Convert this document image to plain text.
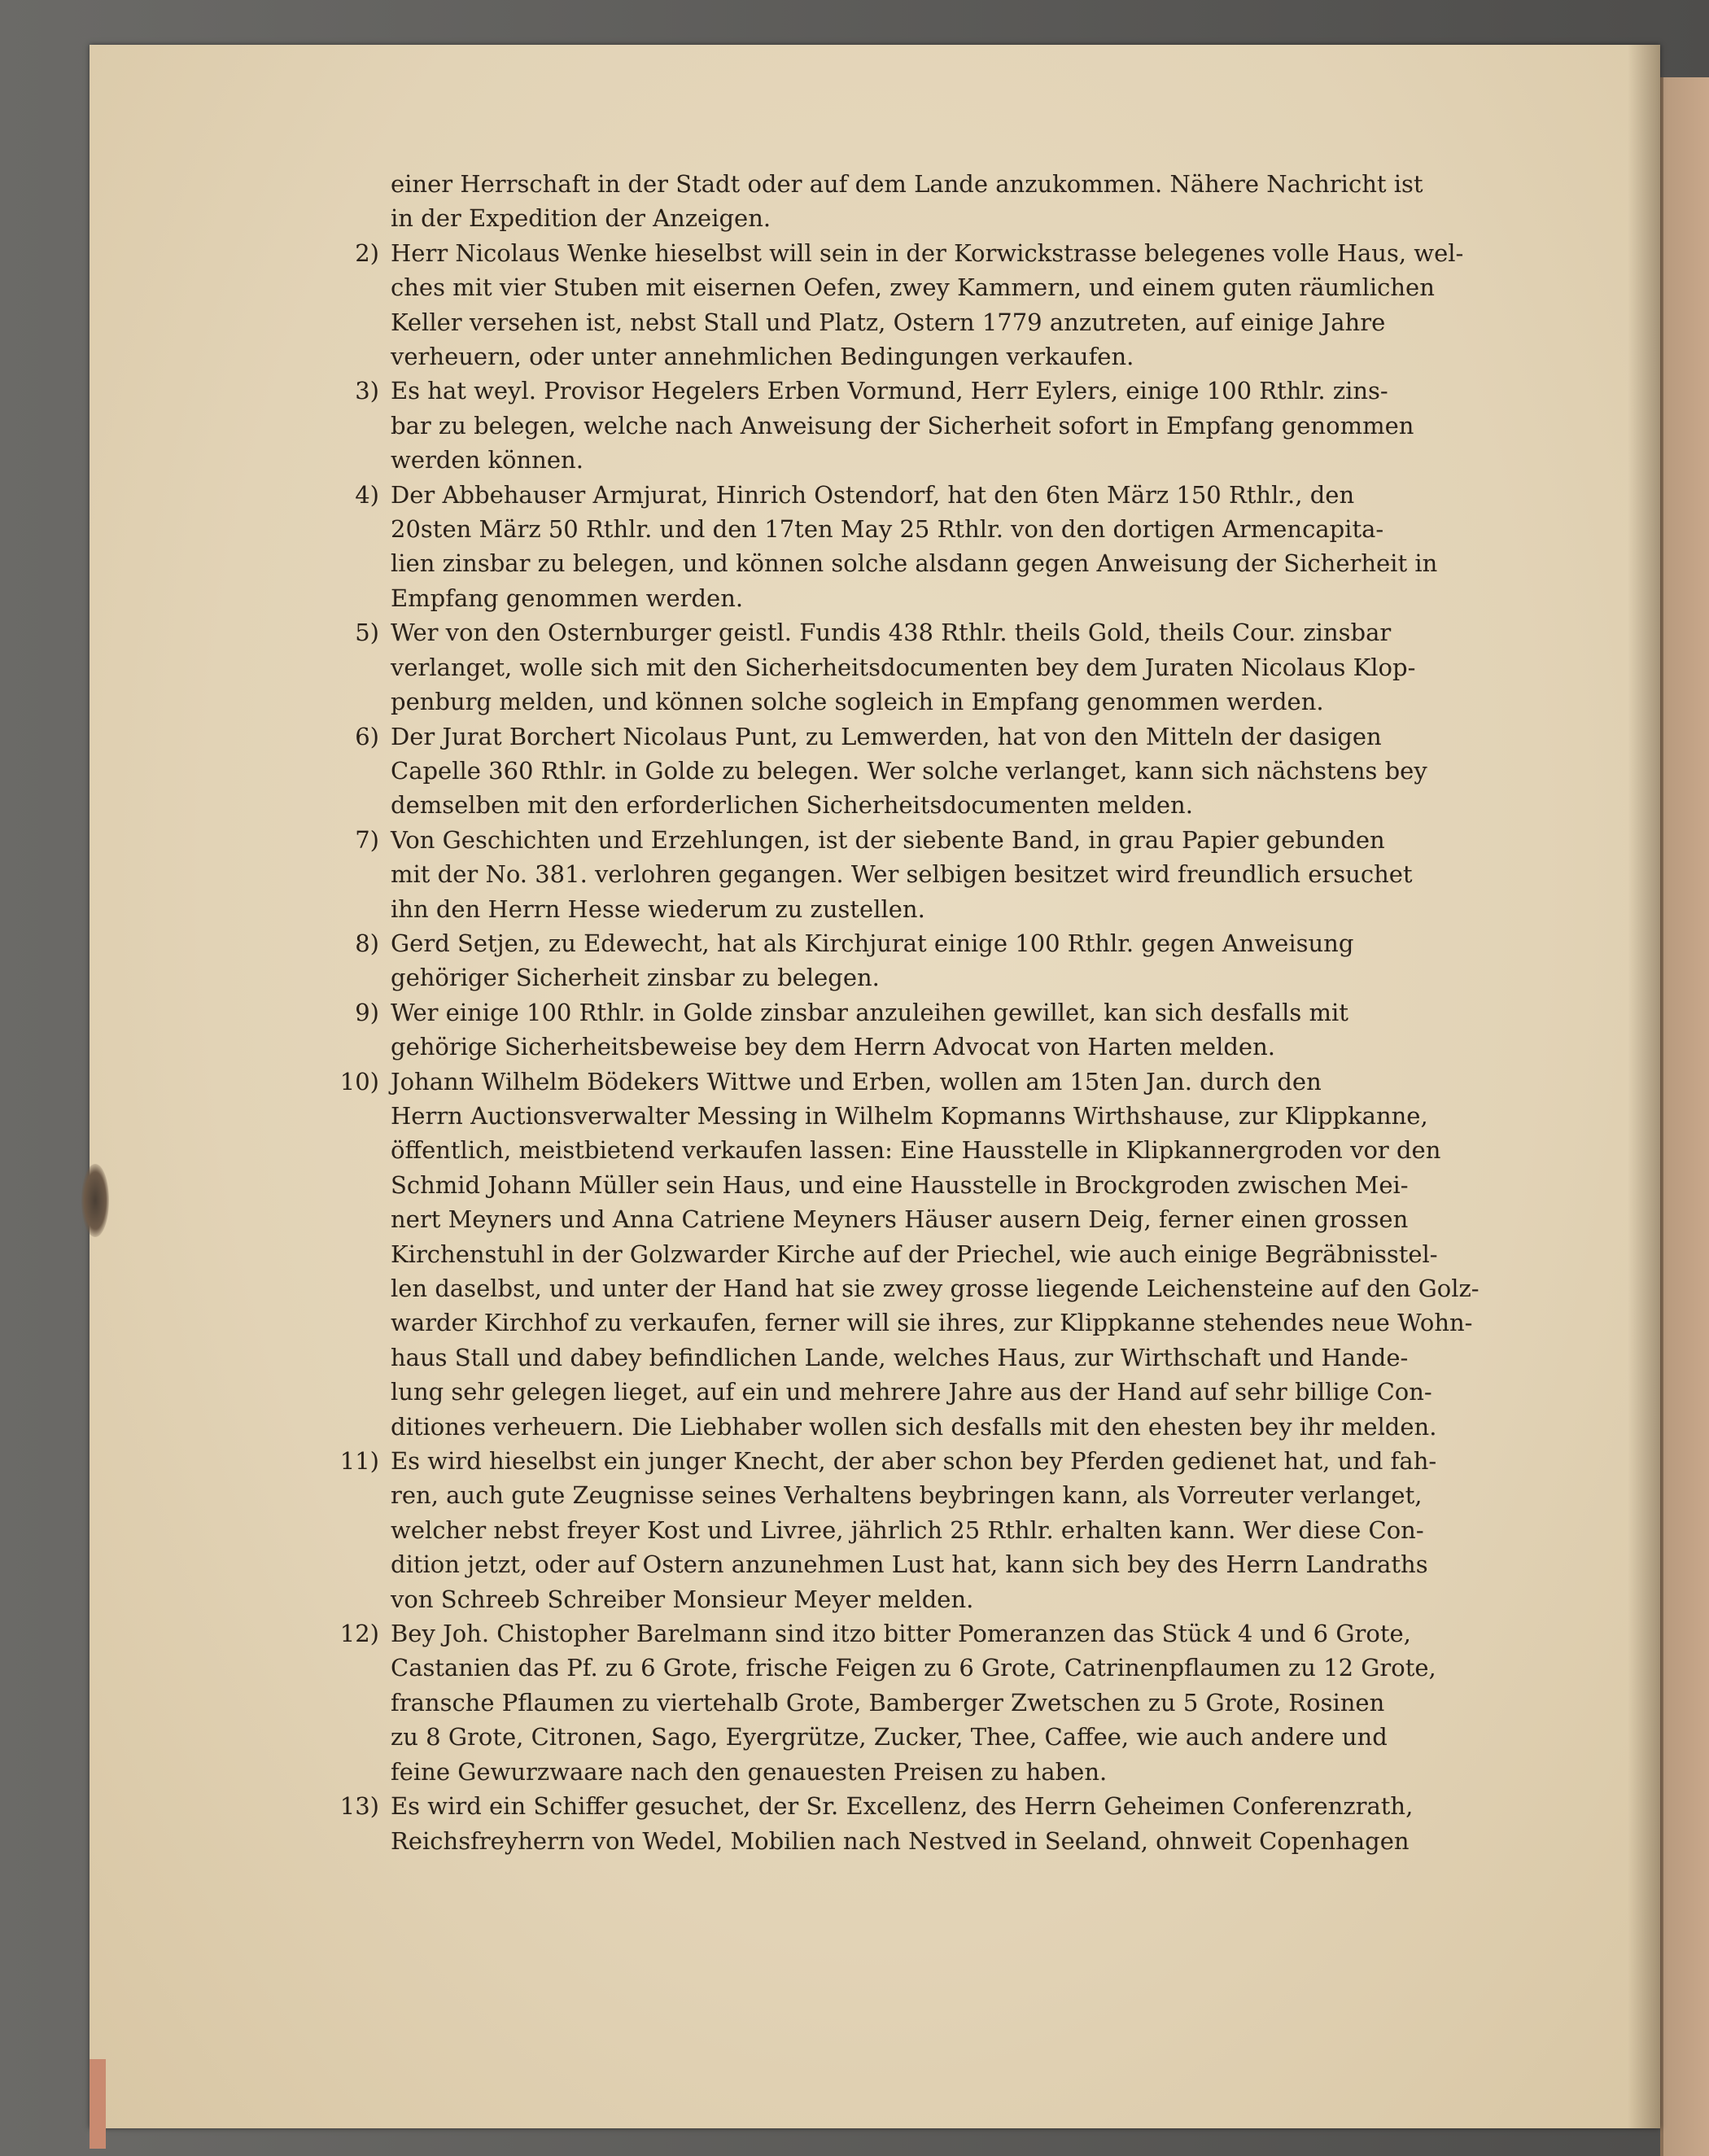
einer Herrschaft in der Stadt oder auf dem Lande anzukommen. Nähere Nachricht ist
in der Expedition der Anzeigen.
2) Herr Nicolaus Wenke hieselbst will sein in der Korwickstrasse belegenes volle Haus, wel-
ches mit vier Stuben mit eisernen Oefen, zwey Kammern, und einem guten räumlichen
Keller versehen ist, nebst Stall und Platz, Ostern 1779 anzutreten, auf einige Jahre
verheuern, oder unter annehmlichen Bedingungen verkaufen.
3) Es hat weyl. Provisor Hegelers Erben Vormund, Herr Eylers, einige 100 Rthlr. zins-
bar zu belegen, welche nach Anweisung der Sicherheit sofort in Empfang genommen
werden können.
4) Der Abbehauser Armjurat, Hinrich Ostendorf, hat den 6ten März 150 Rthlr., den
20sten März 50 Rthlr. und den 17ten May 25 Rthlr. von den dortigen Armencapita-
lien zinsbar zu belegen, und können solche alsdann gegen Anweisung der Sicherheit in
Empfang genommen werden.
5) Wer von den Osternburger geistl. Fundis 438 Rthlr. theils Gold, theils Cour. zinsbar
verlanget, wolle sich mit den Sicherheitsdocumenten bey dem Juraten Nicolaus Klop-
penburg melden, und können solche sogleich in Empfang genommen werden.
6) Der Jurat Borchert Nicolaus Punt, zu Lemwerden, hat von den Mitteln der dasigen
Capelle 360 Rthlr. in Golde zu belegen. Wer solche verlanget, kann sich nächstens bey
demselben mit den erforderlichen Sicherheitsdocumenten melden.
7) Von Geschichten und Erzehlungen, ist der siebente Band, in grau Papier gebunden
mit der No. 381. verlohren gegangen. Wer selbigen besitzet wird freundlich ersuchet
ihn den Herrn Hesse wiederum zu zustellen.
8) Gerd Setjen, zu Edewecht, hat als Kirchjurat einige 100 Rthlr. gegen Anweisung
gehöriger Sicherheit zinsbar zu belegen.
9) Wer einige 100 Rthlr. in Golde zinsbar anzuleihen gewillet, kan sich desfalls mit
gehörige Sicherheitsbeweise bey dem Herrn Advocat von Harten melden.
10) Johann Wilhelm Bödekers Wittwe und Erben, wollen am 15ten Jan. durch den
Herrn Auctionsverwalter Messing in Wilhelm Kopmanns Wirthshause, zur Klippkanne,
öffentlich, meistbietend verkaufen lassen: Eine Hausstelle in Klipkannergroden vor den
Schmid Johann Müller sein Haus, und eine Hausstelle in Brockgroden zwischen Mei-
nert Meyners und Anna Catriene Meyners Häuser ausern Deig, ferner einen grossen
Kirchenstuhl in der Golzwarder Kirche auf der Priechel, wie auch einige Begräbnisstel-
len daselbst, und unter der Hand hat sie zwey grosse liegende Leichensteine auf den Golz-
warder Kirchhof zu verkaufen, ferner will sie ihres, zur Klippkanne stehendes neue Wohn-
haus Stall und dabey befindlichen Lande, welches Haus, zur Wirthschaft und Hande-
lung sehr gelegen lieget, auf ein und mehrere Jahre aus der Hand auf sehr billige Con-
ditiones verheuern. Die Liebhaber wollen sich desfalls mit den ehesten bey ihr melden.
11) Es wird hieselbst ein junger Knecht, der aber schon bey Pferden gedienet hat, und fah-
ren, auch gute Zeugnisse seines Verhaltens beybringen kann, als Vorreuter verlanget,
welcher nebst freyer Kost und Livree, jährlich 25 Rthlr. erhalten kann. Wer diese Con-
dition jetzt, oder auf Ostern anzunehmen Lust hat, kann sich bey des Herrn Landraths
von Schreeb Schreiber Monsieur Meyer melden.
12) Bey Joh. Chistopher Barelmann sind itzo bitter Pomeranzen das Stück 4 und 6 Grote,
Castanien das Pf. zu 6 Grote, frische Feigen zu 6 Grote, Catrinenpflaumen zu 12 Grote,
fransche Pflaumen zu viertehalb Grote, Bamberger Zwetschen zu 5 Grote, Rosinen
zu 8 Grote, Citronen, Sago, Eyergrütze, Zucker, Thee, Caffee, wie auch andere und
feine Gewurzwaare nach den genauesten Preisen zu haben.
13) Es wird ein Schiffer gesuchet, der Sr. Excellenz, des Herrn Geheimen Conferenzrath,
Reichsfreyherrn von Wedel, Mobilien nach Nestved in Seeland, ohnweit Copenhagen
